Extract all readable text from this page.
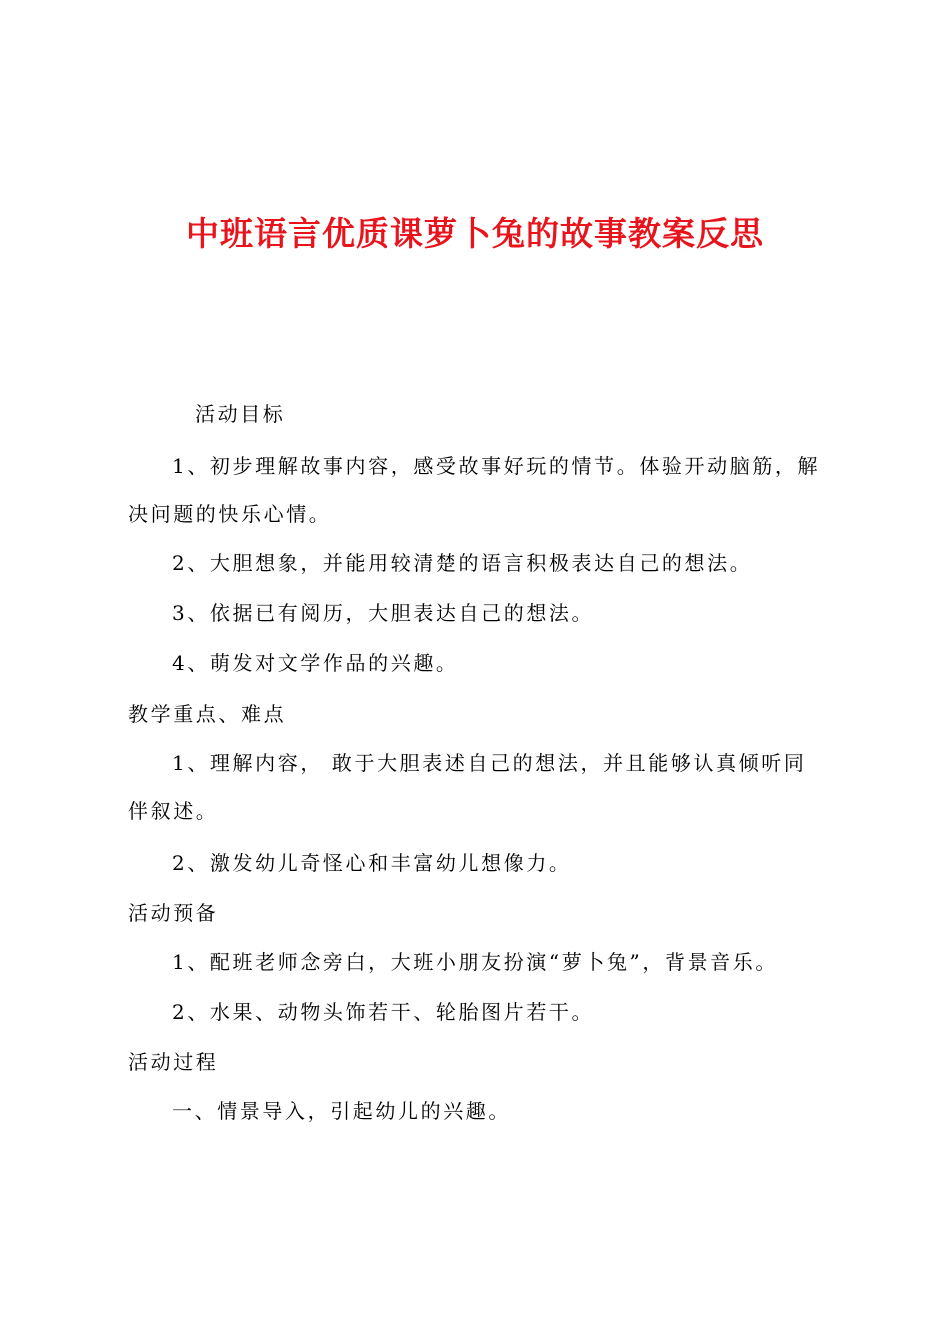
中班语言优质课萝卜兔的故事教案反思
活动目标
1、初步理解故事内容，感受故事好玩的情节。体验开动脑筋，解决问题的快乐心情。
2、大胆想象，并能用较清楚的语言积极表达自己的想法。
3、依据已有阅历，大胆表达自己的想法。
4、萌发对文学作品的兴趣。
教学重点、难点
1、理解内容， 敢于大胆表述自己的想法，并且能够认真倾听同伴叙述。
2、激发幼儿奇怪心和丰富幼儿想像力。
活动预备
1、配班老师念旁白，大班小朋友扮演“萝卜兔”，背景音乐。
2、水果、动物头饰若干、轮胎图片若干。
活动过程
一、情景导入，引起幼儿的兴趣。
